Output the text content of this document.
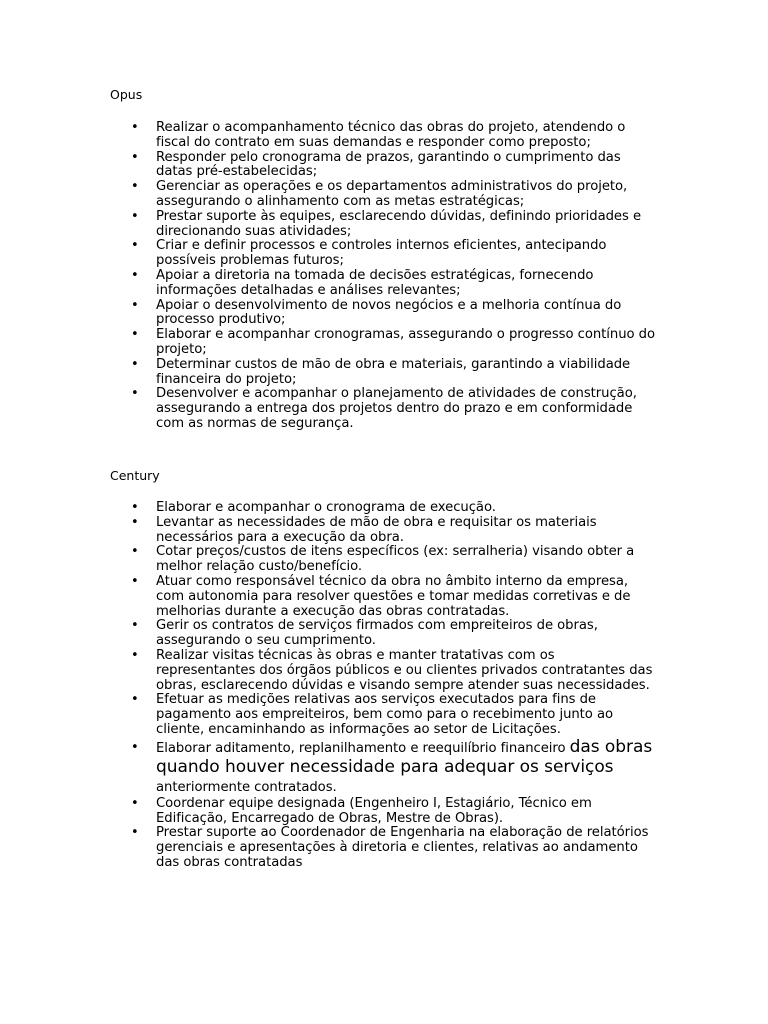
Opus
• Realizar o acompanhamento técnico das obras do projeto, atendendo o fiscal do contrato em suas demandas e responder como preposto;
• Responder pelo cronograma de prazos, garantindo o cumprimento das datas pré-estabelecidas;
• Gerenciar as operações e os departamentos administrativos do projeto, assegurando o alinhamento com as metas estratégicas;
• Prestar suporte às equipes, esclarecendo dúvidas, definindo prioridades e direcionando suas atividades;
• Criar e definir processos e controles internos eficientes, antecipando possíveis problemas futuros;
• Apoiar a diretoria na tomada de decisões estratégicas, fornecendo informações detalhadas e análises relevantes;
• Apoiar o desenvolvimento de novos negócios e a melhoria contínua do processo produtivo;
• Elaborar e acompanhar cronogramas, assegurando o progresso contínuo do projeto;
• Determinar custos de mão de obra e materiais, garantindo a viabilidade financeira do projeto;
• Desenvolver e acompanhar o planejamento de atividades de construção, assegurando a entrega dos projetos dentro do prazo e em conformidade com as normas de segurança.
Century
• Elaborar e acompanhar o cronograma de execução.
• Levantar as necessidades de mão de obra e requisitar os materiais necessários para a execução da obra.
• Cotar preços/custos de itens específicos (ex: serralheria) visando obter a melhor relação custo/benefício.
• Atuar como responsável técnico da obra no âmbito interno da empresa, com autonomia para resolver questões e tomar medidas corretivas e de melhorias durante a execução das obras contratadas.
• Gerir os contratos de serviços firmados com empreiteiros de obras, assegurando o seu cumprimento.
• Realizar visitas técnicas às obras e manter tratativas com os representantes dos órgãos públicos e ou clientes privados contratantes das obras, esclarecendo dúvidas e visando sempre atender suas necessidades.
• Efetuar as medições relativas aos serviços executados para fins de pagamento aos empreiteiros, bem como para o recebimento junto ao cliente, encaminhando as informações ao setor de Licitações.
• Elaborar aditamento, replanilhamento e reequilíbrio financeiro das obras quando houver necessidade para adequar os serviços anteriormente contratados.
• Coordenar equipe designada (Engenheiro I, Estagiário, Técnico em Edificação, Encarregado de Obras, Mestre de Obras).
• Prestar suporte ao Coordenador de Engenharia na elaboração de relatórios gerenciais e apresentações à diretoria e clientes, relativas ao andamento das obras contratadas
